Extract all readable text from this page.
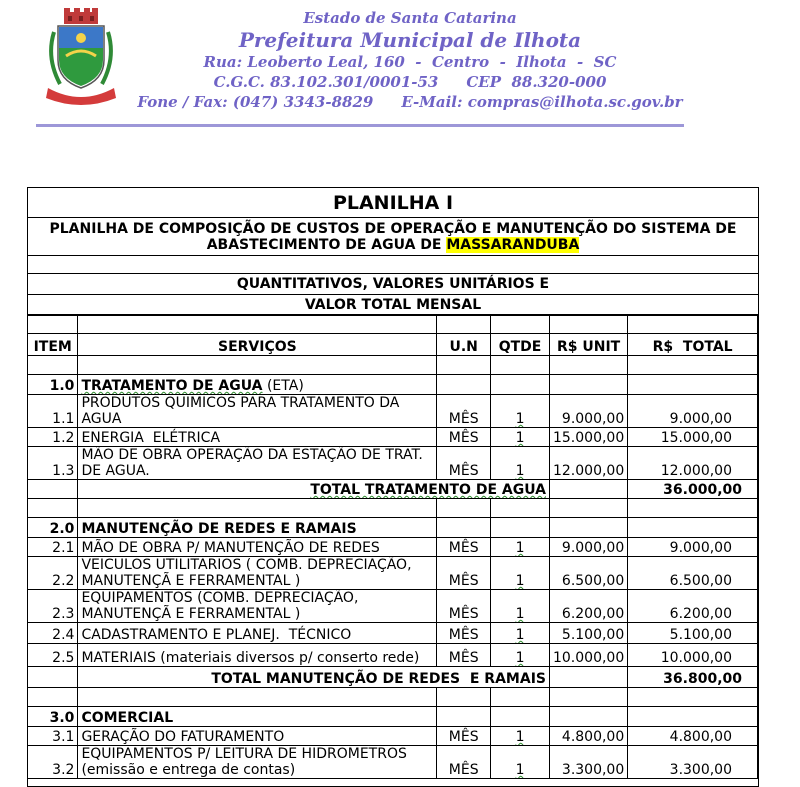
Estado de Santa Catarina
Prefeitura Municipal de Ilhota
Rua: Leoberto Leal, 160  -  Centro  -  Ilhota  -  SC
C.G.C. 83.102.301/0001-53 CEP  88.320-000
Fone / Fax: (047) 3343-8829 E-Mail: compras@ilhota.sc.gov.br
PLANILHA I
PLANILHA DE COMPOSIÇÃO DE CUSTOS DE OPERAÇÃO E MANUTENÇÃO DO SISTEMA DE ABASTECIMENTO DE AGUA DE MASSARANDUBA
QUANTITATIVOS, VALORES UNITÁRIOS E
VALOR TOTAL MENSAL

ITEM	SERVIÇOS	U.N	QTDE	R$ UNIT	R$  TOTAL

1.0	TRATAMENTO DE AGUA (ETA)				
1.1	PRODUTOS QUIMICOS PARA TRATAMENTO DA AGUA	MÊS	1	9.000,00	9.000,00
1.2	ENERGIA  ELÉTRICA	MÊS	1	15.000,00	15.000,00
1.3	MÃO DE OBRA OPERAÇÃO DA ESTAÇÃO DE TRAT. DE AGUA.	MÊS	1	12.000,00	12.000,00
	TOTAL TRATAMENTO DE AGUA				36.000,00

2.0	MANUTENÇÃO DE REDES E RAMAIS				
2.1	MÃO DE OBRA P/ MANUTENÇÃO DE REDES	MÊS	1	9.000,00	9.000,00
2.2	VEICULOS UTILITARIOS ( COMB. DEPRECIAÇÃO, MANUTENÇÃ E FERRAMENTAL )	MÊS	1	6.500,00	6.500,00
2.3	EQUIPAMENTOS (COMB. DEPRECIAÇÃO, MANUTENÇÃ E FERRAMENTAL )	MÊS	1	6.200,00	6.200,00
2.4	CADASTRAMENTO E PLANEJ.  TÉCNICO	MÊS	1	5.100,00	5.100,00
2.5	MATERIAIS (materiais diversos p/ conserto rede)	MÊS	1	10.000,00	10.000,00
	TOTAL MANUTENÇÃO DE REDES  E RAMAIS				36.800,00

3.0	COMERCIAL				
3.1	GERAÇÃO DO FATURAMENTO	MÊS	1	4.800,00	4.800,00
3.2	EQUIPAMENTOS P/ LEITURA DE HIDROMETROS (emissão e entrega de contas)	MÊS	1	3.300,00	3.300,00
